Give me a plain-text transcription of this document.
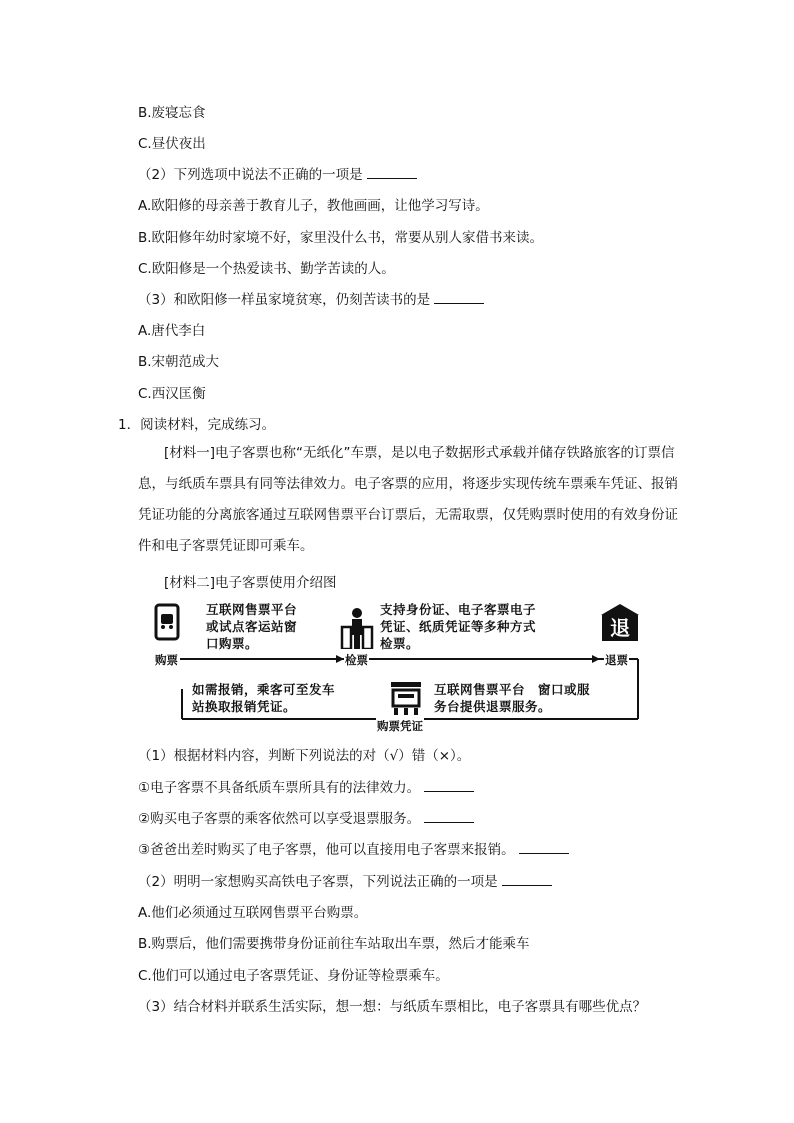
B.废寝忘食
C.昼伏夜出
（2）下列选项中说法不正确的一项是
A.欧阳修的母亲善于教育儿子，教他画画，让他学习写诗。
B.欧阳修年幼时家境不好，家里没什么书，常要从别人家借书来读。
C.欧阳修是一个热爱读书、勤学苦读的人。
（3）和欧阳修一样虽家境贫寒，仍刻苦读书的是
A.唐代李白
B.宋朝范成大
C.西汉匡衡
1．阅读材料，完成练习。
[材料一]电子客票也称“无纸化”车票，是以电子数据形式承载并储存铁路旅客的订票信息，与纸质车票具有同等法律效力。电子客票的应用，将逐步实现传统车票乘车凭证、报销凭证功能的分离旅客通过互联网售票平台订票后，无需取票，仅凭购票时使用的有效身份证件和电子客票凭证即可乘车。
[材料二]电子客票使用介绍图
退
互联网售票平台
或试点客运站窗
口购票。
支持身份证、电子客票电子
凭证、纸质凭证等多种方式
检票。
如需报销，乘客可至发车
站换取报销凭证。
互联网售票平台　窗口或服
务台提供退票服务。
购票	检票	退票
购票凭证
（1）根据材料内容，判断下列说法的对（√）错（×）。
①电子客票不具备纸质车票所具有的法律效力。
②购买电子客票的乘客依然可以享受退票服务。
③爸爸出差时购买了电子客票，他可以直接用电子客票来报销。
（2）明明一家想购买高铁电子客票，下列说法正确的一项是
A.他们必须通过互联网售票平台购票。
B.购票后，他们需要携带身份证前往车站取出车票，然后才能乘车
C.他们可以通过电子客票凭证、身份证等检票乘车。
（3）结合材料并联系生活实际，想一想：与纸质车票相比，电子客票具有哪些优点？
